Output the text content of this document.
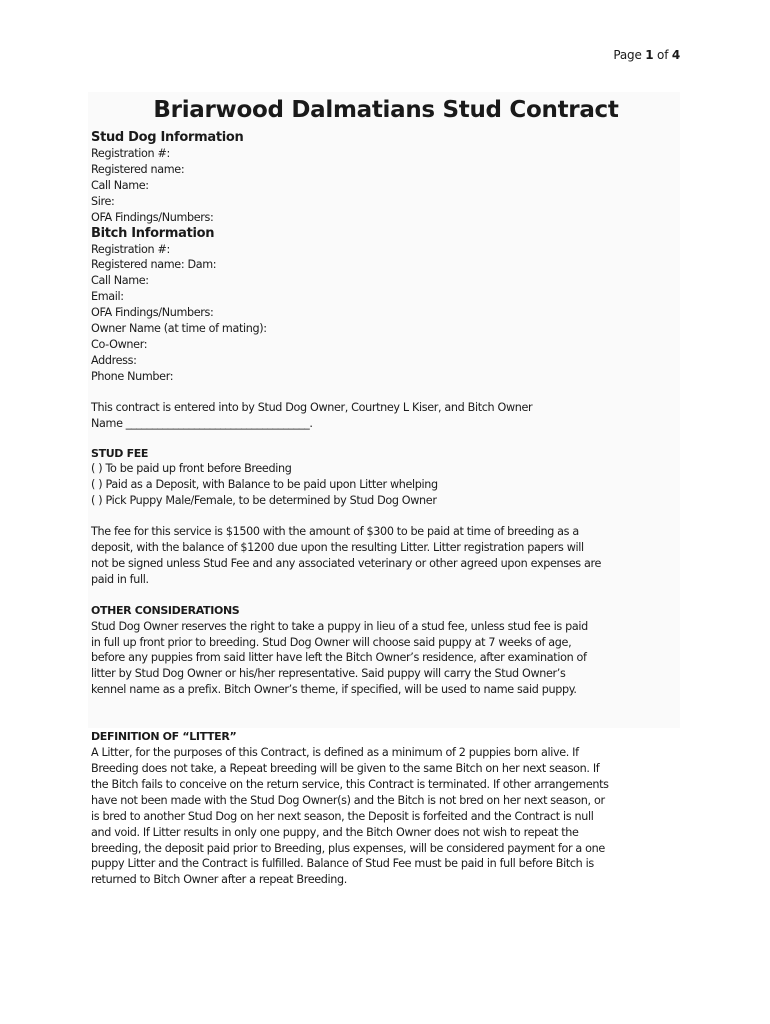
Page 1 of 4
Briarwood Dalmatians Stud Contract

Stud Dog Information

Registration #:

Registered name:

Call Name:

Sire:

OFA Findings/Numbers:

Bitch Information

Registration #:

Registered name: Dam:

Call Name:

Email:

OFA Findings/Numbers:

Owner Name (at time of mating):

Co-Owner:

Address:

Phone Number:

This contract is entered into by Stud Dog Owner, Courtney L Kiser, and Bitch Owner
Name ___________________________________.

STUD FEE

( ) To be paid up front before Breeding

( ) Paid as a Deposit, with Balance to be paid upon Litter whelping

( ) Pick Puppy Male/Female, to be determined by Stud Dog Owner

The fee for this service is $1500 with the amount of $300 to be paid at time of breeding as a
deposit, with the balance of $1200 due upon the resulting Litter. Litter registration papers will
not be signed unless Stud Fee and any associated veterinary or other agreed upon expenses are
paid in full.

OTHER CONSIDERATIONS

Stud Dog Owner reserves the right to take a puppy in lieu of a stud fee, unless stud fee is paid
in full up front prior to breeding. Stud Dog Owner will choose said puppy at 7 weeks of age,
before any puppies from said litter have left the Bitch Owner’s residence, after examination of
litter by Stud Dog Owner or his/her representative. Said puppy will carry the Stud Owner’s
kennel name as a prefix. Bitch Owner’s theme, if specified, will be used to name said puppy.

DEFINITION OF “LITTER”

A Litter, for the purposes of this Contract, is defined as a minimum of 2 puppies born alive. If
Breeding does not take, a Repeat breeding will be given to the same Bitch on her next season. If
the Bitch fails to conceive on the return service, this Contract is terminated. If other arrangements
have not been made with the Stud Dog Owner(s) and the Bitch is not bred on her next season, or
is bred to another Stud Dog on her next season, the Deposit is forfeited and the Contract is null
and void. If Litter results in only one puppy, and the Bitch Owner does not wish to repeat the
breeding, the deposit paid prior to Breeding, plus expenses, will be considered payment for a one
puppy Litter and the Contract is fulfilled. Balance of Stud Fee must be paid in full before Bitch is
returned to Bitch Owner after a repeat Breeding.
